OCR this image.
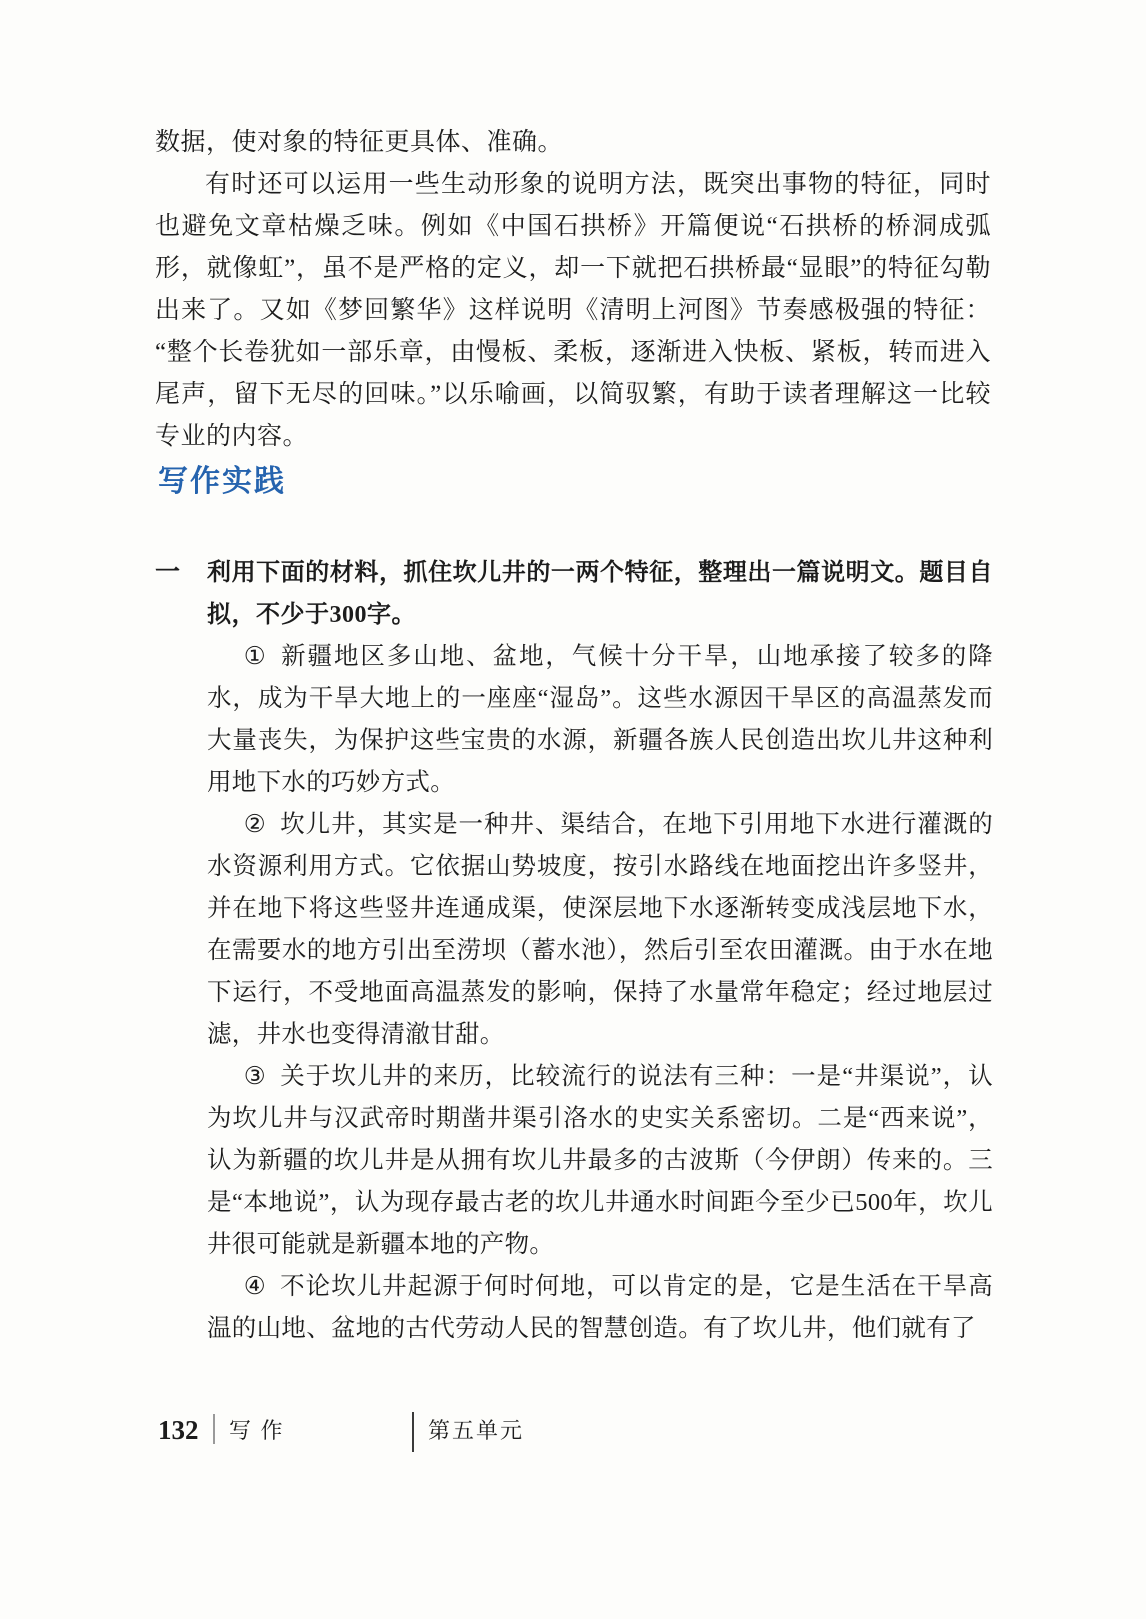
数据，使对象的特征更具体、准确。

有时还可以运用一些生动形象的说明方法，既突出事物的特征，同时也避免文章枯燥乏味。例如《中国石拱桥》开篇便说“石拱桥的桥洞成弧形，就像虹”，虽不是严格的定义，却一下就把石拱桥最“显眼”的特征勾勒出来了。又如《梦回繁华》这样说明《清明上河图》节奏感极强的特征：“整个长卷犹如一部乐章，由慢板、柔板，逐渐进入快板、紧板，转而进入尾声，留下无尽的回味。”以乐喻画，以简驭繁，有助于读者理解这一比较专业的内容。

写作实践
一 利用下面的材料，抓住坎儿井的一两个特征，整理出一篇说明文。题目自拟，不少于300字。

① 新疆地区多山地、盆地，气候十分干旱，山地承接了较多的降水，成为干旱大地上的一座座“湿岛”。这些水源因干旱区的高温蒸发而大量丧失，为保护这些宝贵的水源，新疆各族人民创造出坎儿井这种利用地下水的巧妙方式。

② 坎儿井，其实是一种井、渠结合，在地下引用地下水进行灌溉的水资源利用方式。它依据山势坡度，按引水路线在地面挖出许多竖井，并在地下将这些竖井连通成渠，使深层地下水逐渐转变成浅层地下水，在需要水的地方引出至涝坝（蓄水池），然后引至农田灌溉。由于水在地下运行，不受地面高温蒸发的影响，保持了水量常年稳定；经过地层过滤，井水也变得清澈甘甜。

③ 关于坎儿井的来历，比较流行的说法有三种：一是“井渠说”，认为坎儿井与汉武帝时期凿井渠引洛水的史实关系密切。二是“西来说”，认为新疆的坎儿井是从拥有坎儿井最多的古波斯（今伊朗）传来的。三是“本地说”，认为现存最古老的坎儿井通水时间距今至少已500年，坎儿井很可能就是新疆本地的产物。

④ 不论坎儿井起源于何时何地，可以肯定的是，它是生活在干旱高温的山地、盆地的古代劳动人民的智慧创造。有了坎儿井，他们就有了

132 写 作	第五单元
